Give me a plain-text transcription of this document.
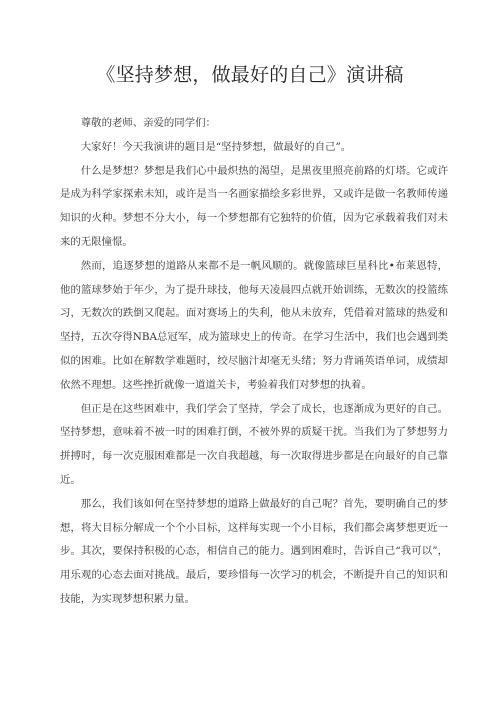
《坚持梦想，做最好的自己》演讲稿

尊敬的老师、亲爱的同学们：

大家好！今天我演讲的题目是“坚持梦想，做最好的自己”。

什么是梦想？梦想是我们心中最炽热的渴望，是黑夜里照亮前路的灯塔。它或许是成为科学家探索未知，或许是当一名画家描绘多彩世界，又或许是做一名教师传递知识的火种。梦想不分大小，每一个梦想都有它独特的价值，因为它承载着我们对未来的无限憧憬。

然而，追逐梦想的道路从来都不是一帆风顺的。就像篮球巨星科比•布莱恩特，他的篮球梦始于年少，为了提升球技，他每天凌晨四点就开始训练，无数次的投篮练习，无数次的跌倒又爬起。面对赛场上的失利，他从未放弃，凭借着对篮球的热爱和坚持，五次夺得NBA总冠军，成为篮球史上的传奇。在学习生活中，我们也会遇到类似的困难。比如在解数学难题时，绞尽脑汁却毫无头绪；努力背诵英语单词，成绩却依然不理想。这些挫折就像一道道关卡，考验着我们对梦想的执着。

但正是在这些困难中，我们学会了坚持，学会了成长，也逐渐成为更好的自己。坚持梦想，意味着不被一时的困难打倒，不被外界的质疑干扰。当我们为了梦想努力拼搏时，每一次克服困难都是一次自我超越，每一次取得进步都是在向最好的自己靠近。

那么，我们该如何在坚持梦想的道路上做最好的自己呢？首先，要明确自己的梦想，将大目标分解成一个个小目标，这样每实现一个小目标，我们都会离梦想更近一步。其次，要保持积极的心态，相信自己的能力。遇到困难时，告诉自己“我可以”，用乐观的心态去面对挑战。最后，要珍惜每一次学习的机会，不断提升自己的知识和技能，为实现梦想积累力量。
